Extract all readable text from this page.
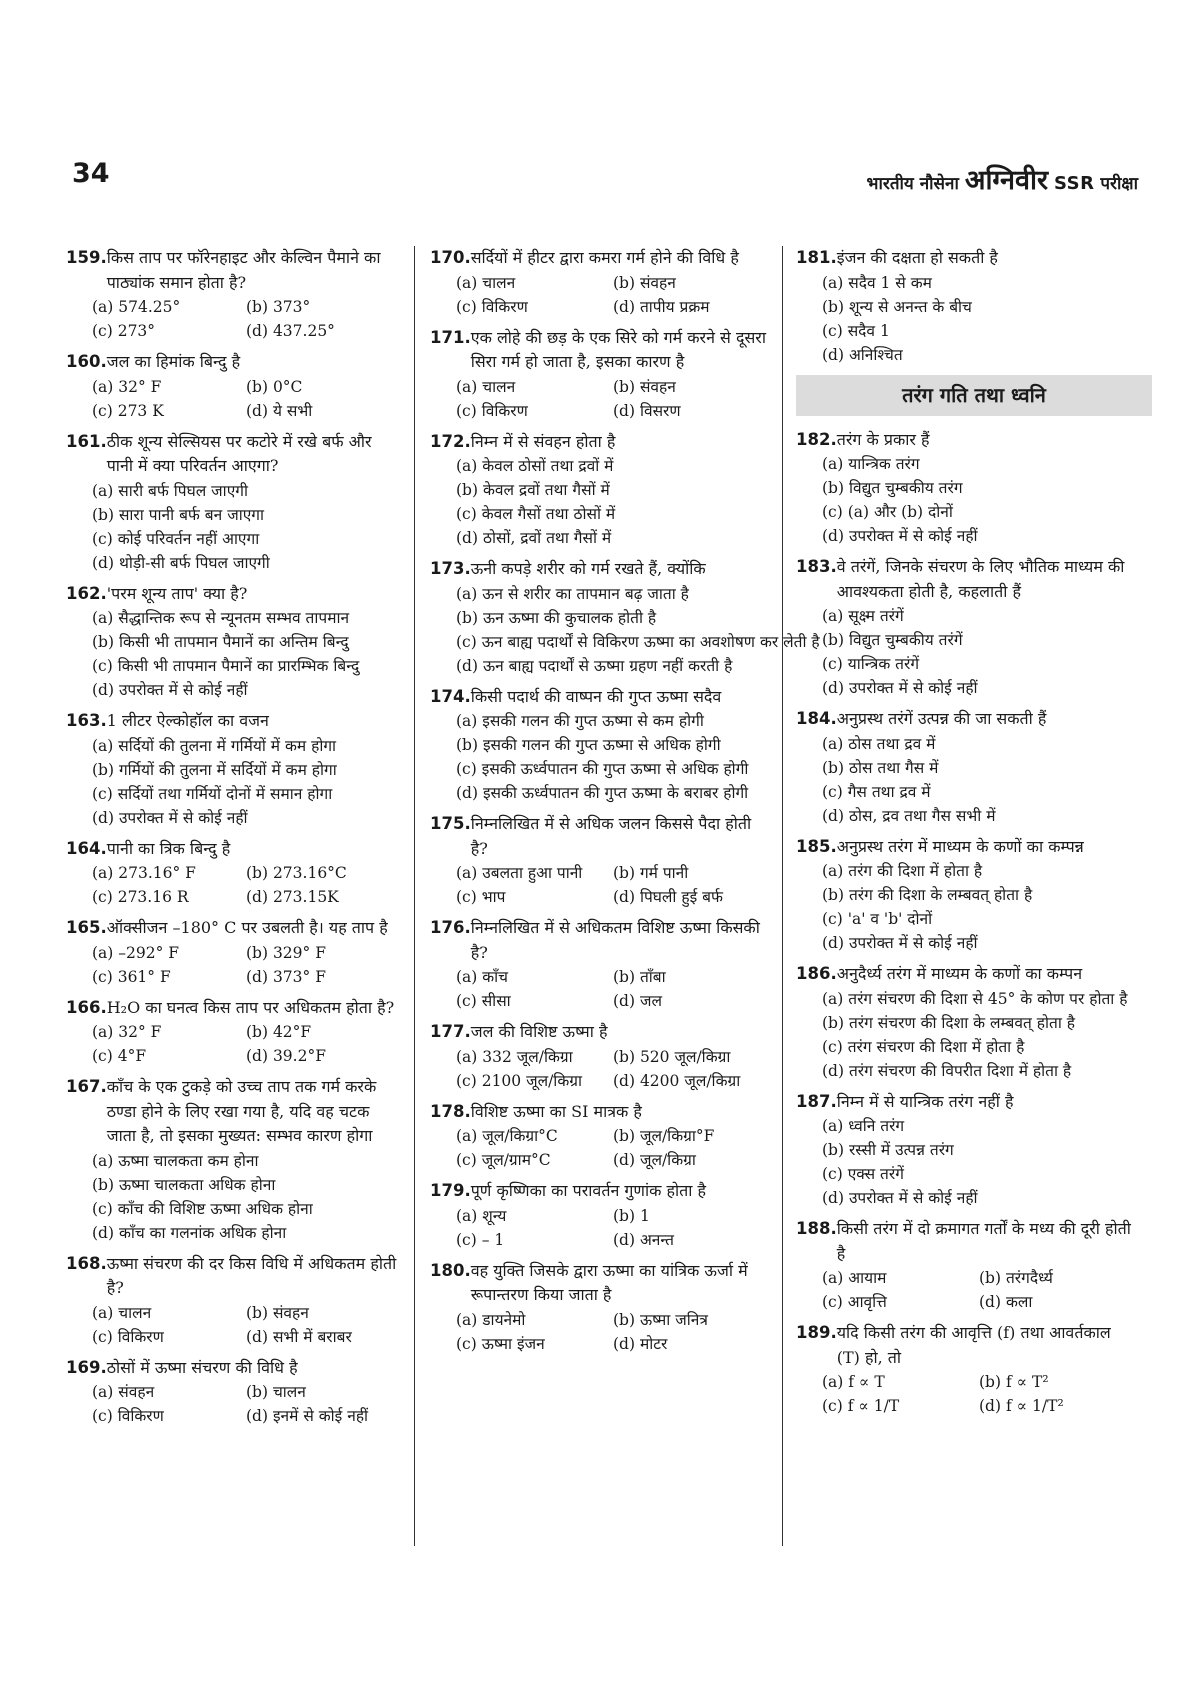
34	भारतीय नौसेना अग्निवीर SSR परीक्षा
159. किस ताप पर फॉरेनहाइट और केल्विन पैमाने का पाठ्यांक समान होता है?
(a) 574.25°	(b) 373°
(c) 273°	(d) 437.25°
160. जल का हिमांक बिन्दु है
(a) 32° F	(b) 0°C
(c) 273 K	(d) ये सभी
161. ठीक शून्य सेल्सियस पर कटोरे में रखे बर्फ और पानी में क्या परिवर्तन आएगा?
(a) सारी बर्फ पिघल जाएगी
(b) सारा पानी बर्फ बन जाएगा
(c) कोई परिवर्तन नहीं आएगा
(d) थोड़ी-सी बर्फ पिघल जाएगी
162. 'परम शून्य ताप' क्या है?
(a) सैद्धान्तिक रूप से न्यूनतम सम्भव तापमान
(b) किसी भी तापमान पैमानें का अन्तिम बिन्दु
(c) किसी भी तापमान पैमानें का प्रारम्भिक बिन्दु
(d) उपरोक्त में से कोई नहीं
163. 1 लीटर ऐल्कोहॉल का वजन
(a) सर्दियों की तुलना में गर्मियों में कम होगा
(b) गर्मियों की तुलना में सर्दियों में कम होगा
(c) सर्दियों तथा गर्मियों दोनों में समान होगा
(d) उपरोक्त में से कोई नहीं
164. पानी का त्रिक बिन्दु है
(a) 273.16° F	(b) 273.16°C
(c) 273.16 R	(d) 273.15K
165. ऑक्सीजन –180° C पर उबलती है। यह ताप है
(a) –292° F	(b) 329° F
(c) 361° F	(d) 373° F
166. H₂O का घनत्व किस ताप पर अधिकतम होता है?
(a) 32° F	(b) 42°F
(c) 4°F	(d) 39.2°F
167. काँच के एक टुकड़े को उच्च ताप तक गर्म करके ठण्डा होने के लिए रखा गया है, यदि वह चटक जाता है, तो इसका मुख्यत: सम्भव कारण होगा
(a) ऊष्मा चालकता कम होना
(b) ऊष्मा चालकता अधिक होना
(c) काँच की विशिष्ट ऊष्मा अधिक होना
(d) काँच का गलनांक अधिक होना
168. ऊष्मा संचरण की दर किस विधि में अधिकतम होती है?
(a) चालन	(b) संवहन
(c) विकिरण	(d) सभी में बराबर
169. ठोसों में ऊष्मा संचरण की विधि है
(a) संवहन	(b) चालन
(c) विकिरण	(d) इनमें से कोई नहीं
170. सर्दियों में हीटर द्वारा कमरा गर्म होने की विधि है
(a) चालन	(b) संवहन
(c) विकिरण	(d) तापीय प्रक्रम
171. एक लोहे की छड़ के एक सिरे को गर्म करने से दूसरा सिरा गर्म हो जाता है, इसका कारण है
(a) चालन	(b) संवहन
(c) विकिरण	(d) विसरण
172. निम्न में से संवहन होता है
(a) केवल ठोसों तथा द्रवों में
(b) केवल द्रवों तथा गैसों में
(c) केवल गैसों तथा ठोसों में
(d) ठोसों, द्रवों तथा गैसों में
173. ऊनी कपड़े शरीर को गर्म रखते हैं, क्योंकि
(a) ऊन से शरीर का तापमान बढ़ जाता है
(b) ऊन ऊष्मा की कुचालक होती है
(c) ऊन बाह्य पदार्थों से विकिरण ऊष्मा का अवशोषण कर लेती है
(d) ऊन बाह्य पदार्थों से ऊष्मा ग्रहण नहीं करती है
174. किसी पदार्थ की वाष्पन की गुप्त ऊष्मा सदैव
(a) इसकी गलन की गुप्त ऊष्मा से कम होगी
(b) इसकी गलन की गुप्त ऊष्मा से अधिक होगी
(c) इसकी ऊर्ध्वपातन की गुप्त ऊष्मा से अधिक होगी
(d) इसकी ऊर्ध्वपातन की गुप्त ऊष्मा के बराबर होगी
175. निम्नलिखित में से अधिक जलन किससे पैदा होती है?
(a) उबलता हुआ पानी	(b) गर्म पानी
(c) भाप	(d) पिघली हुई बर्फ
176. निम्नलिखित में से अधिकतम विशिष्ट ऊष्मा किसकी है?
(a) काँच	(b) ताँबा
(c) सीसा	(d) जल
177. जल की विशिष्ट ऊष्मा है
(a) 332 जूल/किग्रा	(b) 520 जूल/किग्रा
(c) 2100 जूल/किग्रा	(d) 4200 जूल/किग्रा
178. विशिष्ट ऊष्मा का SI मात्रक है
(a) जूल/किग्रा°C	(b) जूल/किग्रा°F
(c) जूल/ग्राम°C	(d) जूल/किग्रा
179. पूर्ण कृष्णिका का परावर्तन गुणांक होता है
(a) शून्य	(b) 1
(c) – 1	(d) अनन्त
180. वह युक्ति जिसके द्वारा ऊष्मा का यांत्रिक ऊर्जा में रूपान्तरण किया जाता है
(a) डायनेमो	(b) ऊष्मा जनित्र
(c) ऊष्मा इंजन	(d) मोटर
181. इंजन की दक्षता हो सकती है
(a) सदैव 1 से कम
(b) शून्य से अनन्त के बीच
(c) सदैव 1
(d) अनिश्चित
तरंग गति तथा ध्वनि
182. तरंग के प्रकार हैं
(a) यान्त्रिक तरंग
(b) विद्युत चुम्बकीय तरंग
(c) (a) और (b) दोनों
(d) उपरोक्त में से कोई नहीं
183. वे तरंगें, जिनके संचरण के लिए भौतिक माध्यम की आवश्यकता होती है, कहलाती हैं
(a) सूक्ष्म तरंगें
(b) विद्युत चुम्बकीय तरंगें
(c) यान्त्रिक तरंगें
(d) उपरोक्त में से कोई नहीं
184. अनुप्रस्थ तरंगें उत्पन्न की जा सकती हैं
(a) ठोस तथा द्रव में
(b) ठोस तथा गैस में
(c) गैस तथा द्रव में
(d) ठोस, द्रव तथा गैस सभी में
185. अनुप्रस्थ तरंग में माध्यम के कणों का कम्पन्न
(a) तरंग की दिशा में होता है
(b) तरंग की दिशा के लम्बवत् होता है
(c) 'a' व 'b' दोनों
(d) उपरोक्त में से कोई नहीं
186. अनुदैर्ध्य तरंग में माध्यम के कणों का कम्पन
(a) तरंग संचरण की दिशा से 45° के कोण पर होता है
(b) तरंग संचरण की दिशा के लम्बवत् होता है
(c) तरंग संचरण की दिशा में होता है
(d) तरंग संचरण की विपरीत दिशा में होता है
187. निम्न में से यान्त्रिक तरंग नहीं है
(a) ध्वनि तरंग
(b) रस्सी में उत्पन्न तरंग
(c) एक्स तरंगें
(d) उपरोक्त में से कोई नहीं
188. किसी तरंग में दो क्रमागत गर्तों के मध्य की दूरी होती है
(a) आयाम	(b) तरंगदैर्ध्य
(c) आवृत्ति	(d) कला
189. यदि किसी तरंग की आवृत्ति (f) तथा आवर्तकाल (T) हो, तो
(a) f ∝ T	(b) f ∝ T²
(c) f ∝ 1/T	(d) f ∝ 1/T²
